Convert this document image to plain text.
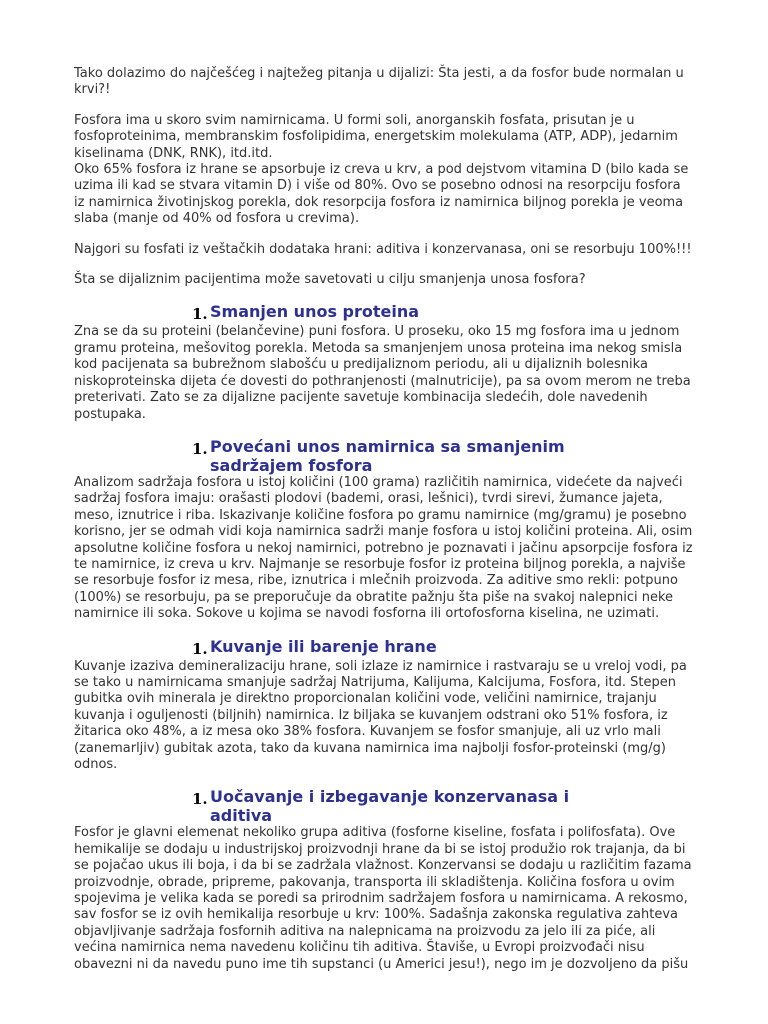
Tako dolazimo do najčešćeg i najtežeg pitanja u dijalizi: Šta jesti, a da fosfor bude normalan u krvi?!

Fosfora ima u skoro svim namirnicama. U formi soli, anorganskih fosfata, prisutan je u fosfoproteinima, membranskim fosfolipidima, energetskim molekulama (ATP, ADP), jedarnim kiselinama (DNK, RNK), itd.itd.

Oko 65% fosfora iz hrane se apsorbuje iz creva u krv, a pod dejstvom vitamina D (bilo kada se uzima ili kad se stvara vitamin D) i više od 80%. Ovo se posebno odnosi na resorpciju fosfora iz namirnica životinjskog porekla, dok resorpcija fosfora iz namirnica biljnog porekla je veoma slaba (manje od 40% od fosfora u crevima).

Najgori su fosfati iz veštačkih dodataka hrani: aditiva i konzervanasa, oni se resorbuju 100%!!!

Šta se dijaliznim pacijentima može savetovati u cilju smanjenja unosa fosfora?

1. Smanjen unos proteina

Zna se da su proteini (belančevine) puni fosfora. U proseku, oko 15 mg fosfora ima u jednom gramu proteina, mešovitog porekla. Metoda sa smanjenjem unosa proteina ima nekog smisla kod pacijenata sa bubrežnom slabošću u predijaliznom periodu, ali u dijaliznih bolesnika niskoproteinska dijeta će dovesti do pothranjenosti (malnutricije), pa sa ovom merom ne treba preterivati. Zato se za dijalizne pacijente savetuje kombinacija sledećih, dole navedenih postupaka.

1. Povećani unos namirnica sa smanjenim sadržajem fosfora

Analizom sadržaja fosfora u istoj količini (100 grama) različitih namirnica, videćete da najveći sadržaj fosfora imaju: orašasti plodovi (bademi, orasi, lešnici), tvrdi sirevi, žumance jajeta, meso, iznutrice i riba. Iskazivanje količine fosfora po gramu namirnice (mg/gramu) je posebno korisno, jer se odmah vidi koja namirnica sadrži manje fosfora u istoj količini proteina. Ali, osim apsolutne količine fosfora u nekoj namirnici, potrebno je poznavati i jačinu apsorpcije fosfora iz te namirnice, iz creva u krv. Najmanje se resorbuje fosfor iz proteina biljnog porekla, a najviše se resorbuje fosfor iz mesa, ribe, iznutrica i mlečnih proizvoda. Za aditive smo rekli: potpuno (100%) se resorbuju, pa se preporučuje da obratite pažnju šta piše na svakoj nalepnici neke namirnice ili soka. Sokove u kojima se navodi fosforna ili ortofosforna kiselina, ne uzimati.

1. Kuvanje ili barenje hrane

Kuvanje izaziva demineralizaciju hrane, soli izlaze iz namirnice i rastvaraju se u vreloj vodi, pa se tako u namirnicama smanjuje sadržaj Natrijuma, Kalijuma, Kalcijuma, Fosfora, itd. Stepen gubitka ovih minerala je direktno proporcionalan količini vode, veličini namirnice, trajanju kuvanja i oguljenosti (biljnih) namirnica. Iz biljaka se kuvanjem odstrani oko 51% fosfora, iz žitarica oko 48%, a iz mesa oko 38% fosfora. Kuvanjem se fosfor smanjuje, ali uz vrlo mali (zanemarljiv) gubitak azota, tako da kuvana namirnica ima najbolji fosfor-proteinski (mg/g) odnos.

1. Uočavanje i izbegavanje konzervanasa i aditiva

Fosfor je glavni elemenat nekoliko grupa aditiva (fosforne kiseline, fosfata i polifosfata). Ove hemikalije se dodaju u industrijskoj proizvodnji hrane da bi se istoj produžio rok trajanja, da bi se pojačao ukus ili boja, i da bi se zadržala vlažnost. Konzervansi se dodaju u različitim fazama proizvodnje, obrade, pripreme, pakovanja, transporta ili skladištenja. Količina fosfora u ovim spojevima je velika kada se poredi sa prirodnim sadržajem fosfora u namirnicama. A rekosmo, sav fosfor se iz ovih hemikalija resorbuje u krv: 100%. Sadašnja zakonska regulativa zahteva objavljivanje sadržaja fosfornih aditiva na nalepnicama na proizvodu za jelo ili za piće, ali većina namirnica nema navedenu količinu tih aditiva. Štaviše, u Evropi proizvođači nisu obavezni ni da navedu puno ime tih supstanci (u Americi jesu!), nego im je dozvoljeno da pišu
